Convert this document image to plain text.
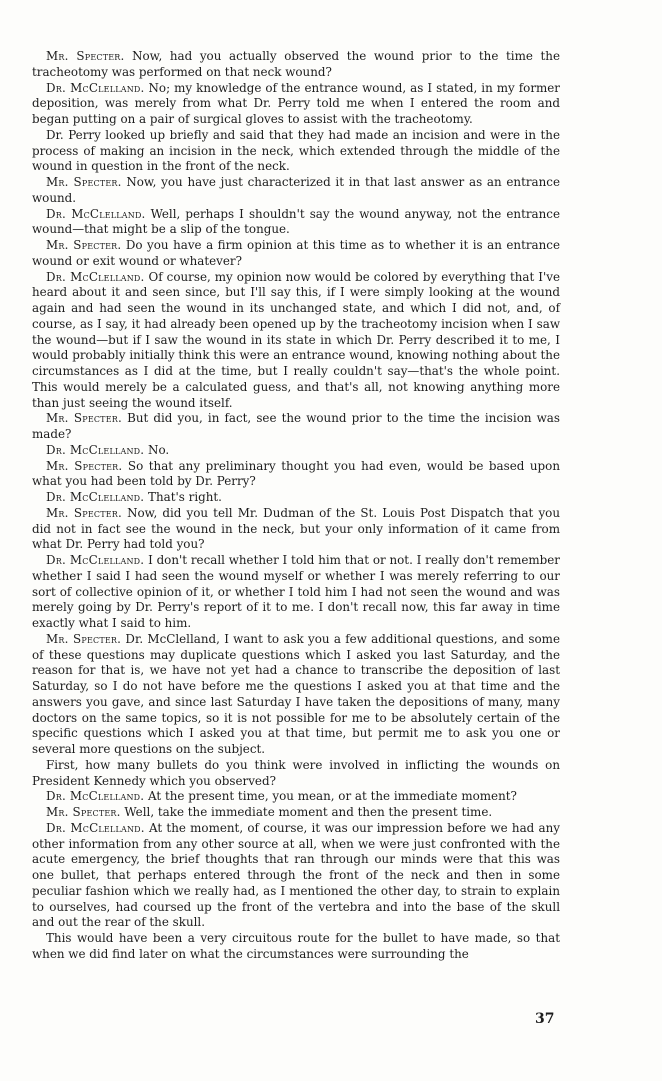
Mr. Specter. Now, had you actually observed the wound prior to the time the tracheotomy was performed on that neck wound?

Dr. McClelland. No; my knowledge of the entrance wound, as I stated, in my former deposition, was merely from what Dr. Perry told me when I entered the room and began putting on a pair of surgical gloves to assist with the tracheotomy.

Dr. Perry looked up briefly and said that they had made an incision and were in the process of making an incision in the neck, which extended through the middle of the wound in question in the front of the neck.

Mr. Specter. Now, you have just characterized it in that last answer as an entrance wound.

Dr. McClelland. Well, perhaps I shouldn't say the wound anyway, not the entrance wound—that might be a slip of the tongue.

Mr. Specter. Do you have a firm opinion at this time as to whether it is an entrance wound or exit wound or whatever?

Dr. McClelland. Of course, my opinion now would be colored by everything that I've heard about it and seen since, but I'll say this, if I were simply looking at the wound again and had seen the wound in its unchanged state, and which I did not, and, of course, as I say, it had already been opened up by the tracheotomy incision when I saw the wound—but if I saw the wound in its state in which Dr. Perry described it to me, I would probably initially think this were an entrance wound, knowing nothing about the circumstances as I did at the time, but I really couldn't say—that's the whole point. This would merely be a calculated guess, and that's all, not knowing anything more than just seeing the wound itself.

Mr. Specter. But did you, in fact, see the wound prior to the time the incision was made?

Dr. McClelland. No.

Mr. Specter. So that any preliminary thought you had even, would be based upon what you had been told by Dr. Perry?

Dr. McClelland. That's right.

Mr. Specter. Now, did you tell Mr. Dudman of the St. Louis Post Dispatch that you did not in fact see the wound in the neck, but your only information of it came from what Dr. Perry had told you?

Dr. McClelland. I don't recall whether I told him that or not. I really don't remember whether I said I had seen the wound myself or whether I was merely referring to our sort of collective opinion of it, or whether I told him I had not seen the wound and was merely going by Dr. Perry's report of it to me. I don't recall now, this far away in time exactly what I said to him.

Mr. Specter. Dr. McClelland, I want to ask you a few additional questions, and some of these questions may duplicate questions which I asked you last Saturday, and the reason for that is, we have not yet had a chance to transcribe the deposition of last Saturday, so I do not have before me the questions I asked you at that time and the answers you gave, and since last Saturday I have taken the depositions of many, many doctors on the same topics, so it is not possible for me to be absolutely certain of the specific questions which I asked you at that time, but permit me to ask you one or several more questions on the subject.

First, how many bullets do you think were involved in inflicting the wounds on President Kennedy which you observed?

Dr. McClelland. At the present time, you mean, or at the immediate moment?

Mr. Specter. Well, take the immediate moment and then the present time.

Dr. McClelland. At the moment, of course, it was our impression before we had any other information from any other source at all, when we were just confronted with the acute emergency, the brief thoughts that ran through our minds were that this was one bullet, that perhaps entered through the front of the neck and then in some peculiar fashion which we really had, as I mentioned the other day, to strain to explain to ourselves, had coursed up the front of the vertebra and into the base of the skull and out the rear of the skull.

This would have been a very circuitous route for the bullet to have made, so that when we did find later on what the circumstances were surrounding the

37
